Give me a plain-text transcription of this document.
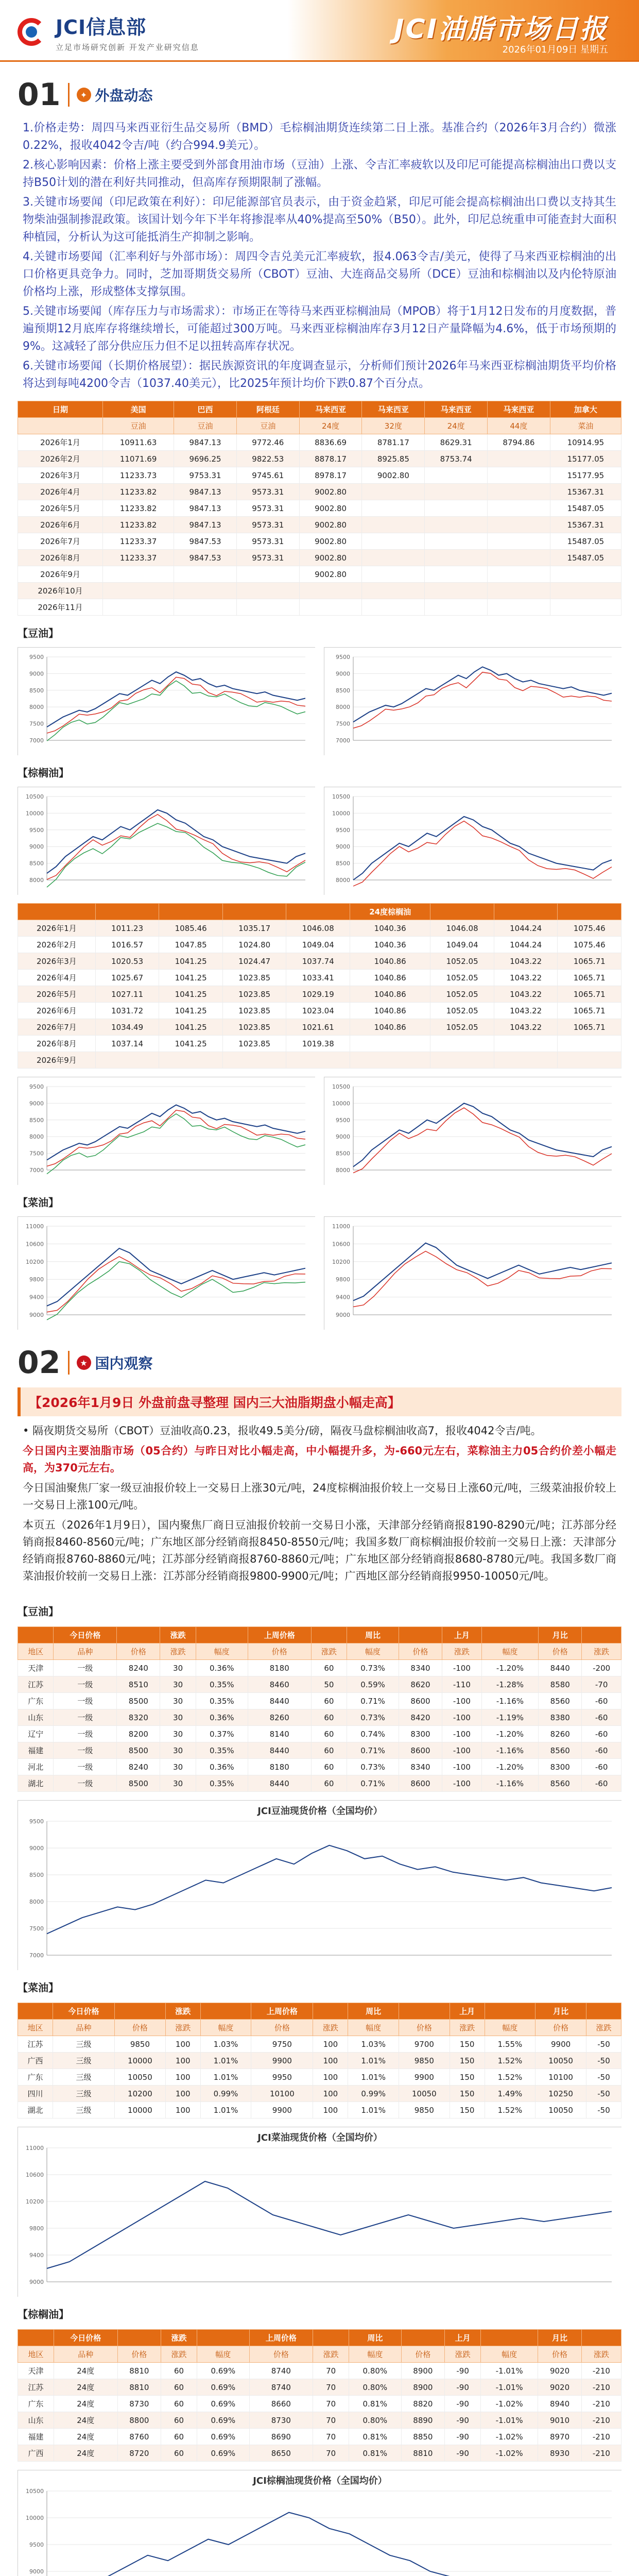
JCI信息部
立足市场研究创新 开发产业研究信息
JCI油脂市场日报
2026年01月09日 星期五
01	✦ 外盘动态

1.价格走势：周四马来西亚衍生品交易所（BMD）毛棕榈油期货连续第二日上涨。基准合约（2026年3月合约）微涨0.22%，报收4042令吉/吨（约合994.9美元）。

2.核心影响因素：价格上涨主要受到外部食用油市场（豆油）上涨、令吉汇率疲软以及印尼可能提高棕榈油出口费以支持B50计划的潜在利好共同推动，但高库存预期限制了涨幅。

3.关键市场要闻（印尼政策在利好）：印尼能源部官员表示，由于资金趋紧，印尼可能会提高棕榈油出口费以支持其生物柴油强制掺混政策。该国计划今年下半年将掺混率从40%提高至50%（B50）。此外，印尼总统重申可能查封大面积种植园，分析认为这可能抵消生产抑制之影响。

4.关键市场要闻（汇率利好与外部市场）：周四令吉兑美元汇率疲软，报4.063令吉/美元，使得了马来西亚棕榈油的出口价格更具竞争力。同时，芝加哥期货交易所（CBOT）豆油、大连商品交易所（DCE）豆油和棕榈油以及内伦特原油价格均上涨，形成整体支撑氛围。

5.关键市场要闻（库存压力与市场需求）：市场正在等待马来西亚棕榈油局（MPOB）将于1月12日发布的月度数据，普遍预期12月底库存将继续增长，可能超过300万吨。马来西亚棕榈油库存3月12日产量降幅为4.6%，低于市场预期的9%。这减轻了部分供应压力但不足以扭转高库存状况。

6.关键市场要闻（长期价格展望）：据民族源资讯的年度调查显示，分析师们预计2026年马来西亚棕榈油期货平均价格将达到每吨4200令吉（1037.40美元），比2025年预计均价下跌0.87个百分点。

日期	美国	巴西	阿根廷	马来西亚	马来西亚	马来西亚	马来西亚	加拿大
	豆油	豆油	豆油	24度	32度	24度	44度	菜油
2026年1月	10911.63	9847.13	9772.46	8836.69	8781.17	8629.31	8794.86	10914.95
2026年2月	11071.69	9696.25	9822.53	8878.17	8925.85	8753.74		15177.05
2026年3月	11233.73	9753.31	9745.61	8978.17	9002.80			15177.95
2026年4月	11233.82	9847.13	9573.31	9002.80				15367.31
2026年5月	11233.82	9847.13	9573.31	9002.80				15487.05
2026年6月	11233.82	9847.13	9573.31	9002.80				15367.31
2026年7月	11233.37	9847.53	9573.31	9002.80				15487.05
2026年8月	11233.37	9847.53	9573.31	9002.80				15487.05
2026年9月				9002.80				
2026年10月								
2026年11月								
【豆油】
7000
7500
8000
8500
9000
9500
7000
7500
8000
8500
9000
9500
【棕榈油】
8000
8500
9000
9500
10000
10500
8000
8500
9000
9500
10000
10500
					24度棕榈油			
2026年1月	1011.23	1085.46	1035.17	1046.08	1040.36	1046.08	1044.24	1075.46
2026年2月	1016.57	1047.85	1024.80	1049.04	1040.36	1049.04	1044.24	1075.46
2026年3月	1020.53	1041.25	1024.47	1037.74	1040.86	1052.05	1043.22	1065.71
2026年4月	1025.67	1041.25	1023.85	1033.41	1040.86	1052.05	1043.22	1065.71
2026年5月	1027.11	1041.25	1023.85	1029.19	1040.86	1052.05	1043.22	1065.71
2026年6月	1031.72	1041.25	1023.85	1023.04	1040.86	1052.05	1043.22	1065.71
2026年7月	1034.49	1041.25	1023.85	1021.61	1040.86	1052.05	1043.22	1065.71
2026年8月	1037.14	1041.25	1023.85	1019.38				
2026年9月								
7000
7500
8000
8500
9000
9500
8000
8500
9000
9500
10000
10500
【菜油】
9000
9400
9800
10200
10600
11000
9000
9400
9800
10200
10600
11000
02	★ 国内观察
【2026年1月9日 外盘前盘寻整理 国内三大油脂期盘小幅走高】

• 隔夜期货交易所（CBOT）豆油收高0.23，报收49.5美分/磅，隔夜马盘棕榈油收高7，报收4042令吉/吨。

今日国内主要油脂市场（05合约）与昨日对比小幅走高，中小幅提升多，为-660元左右，菜粽油主力05合约价差小幅走高，为370元左右。

今日国油聚焦厂家一级豆油报价较上一交易日上涨30元/吨，24度棕榈油报价较上一交易日上涨60元/吨，三级菜油报价较上一交易日上涨100元/吨。

本页五（2026年1月9日），国内聚焦厂商日豆油报价较前一交易日小涨，天津部分经销商报8190-8290元/吨；江苏部分经销商报8460-8560元/吨；广东地区部分经销商报8450-8550元/吨；我国多数厂商棕榈油报价较前一交易日上涨：天津部分经销商报8760-8860元/吨；江苏部分经销商报8760-8860元/吨；广东地区部分经销商报8680-8780元/吨。我国多数厂商菜油报价较前一交易日上涨：江苏部分经销商报9800-9900元/吨；广西地区部分经销商报9950-10050元/吨。

【豆油】
	今日价格		涨跌		上周价格		周比		上月		月比	
地区	品种	价格	涨跌	幅度	价格	涨跌	幅度	价格	涨跌	幅度	价格	涨跌
天津	一级	8240	30	0.36%	8180	60	0.73%	8340	-100	-1.20%	8440	-200
江苏	一级	8510	30	0.35%	8460	50	0.59%	8620	-110	-1.28%	8580	-70
广东	一级	8500	30	0.35%	8440	60	0.71%	8600	-100	-1.16%	8560	-60
山东	一级	8320	30	0.36%	8260	60	0.73%	8420	-100	-1.19%	8380	-60
辽宁	一级	8200	30	0.37%	8140	60	0.74%	8300	-100	-1.20%	8260	-60
福建	一级	8500	30	0.35%	8440	60	0.71%	8600	-100	-1.16%	8560	-60
河北	一级	8240	30	0.36%	8180	60	0.73%	8340	-100	-1.20%	8300	-60
湖北	一级	8500	30	0.35%	8440	60	0.71%	8600	-100	-1.16%	8560	-60
JCI豆油现货价格（全国均价）
7000
7500
8000
8500
9000
9500
【菜油】
	今日价格		涨跌		上周价格		周比		上月		月比	
地区	品种	价格	涨跌	幅度	价格	涨跌	幅度	价格	涨跌	幅度	价格	涨跌
江苏	三级	9850	100	1.03%	9750	100	1.03%	9700	150	1.55%	9900	-50
广西	三级	10000	100	1.01%	9900	100	1.01%	9850	150	1.52%	10050	-50
广东	三级	10050	100	1.01%	9950	100	1.01%	9900	150	1.52%	10100	-50
四川	三级	10200	100	0.99%	10100	100	0.99%	10050	150	1.49%	10250	-50
湖北	三级	10000	100	1.01%	9900	100	1.01%	9850	150	1.52%	10050	-50
JCI菜油现货价格（全国均价）
9000
9400
9800
10200
10600
11000
【棕榈油】
	今日价格		涨跌		上周价格		周比		上月		月比	
地区	品种	价格	涨跌	幅度	价格	涨跌	幅度	价格	涨跌	幅度	价格	涨跌
天津	24度	8810	60	0.69%	8740	70	0.80%	8900	-90	-1.01%	9020	-210
江苏	24度	8810	60	0.69%	8740	70	0.80%	8900	-90	-1.01%	9020	-210
广东	24度	8730	60	0.69%	8660	70	0.81%	8820	-90	-1.02%	8940	-210
山东	24度	8800	60	0.69%	8730	70	0.80%	8890	-90	-1.01%	9010	-210
福建	24度	8760	60	0.69%	8690	70	0.81%	8850	-90	-1.02%	8970	-210
广西	24度	8720	60	0.69%	8650	70	0.81%	8810	-90	-1.02%	8930	-210
JCI棕榈油现货价格（全国均价）
9000
9500
10000
10500
